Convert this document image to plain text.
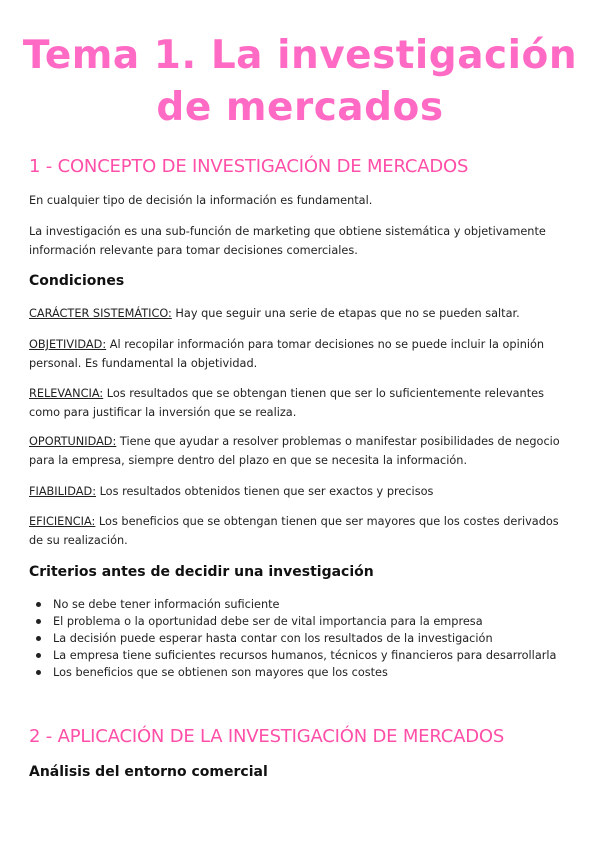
Tema 1. La investigación
de mercados
1 - CONCEPTO DE INVESTIGACIÓN DE MERCADOS

En cualquier tipo de decisión la información es fundamental.

La investigación es una sub-función de marketing que obtiene sistemática y objetivamente información relevante para tomar decisiones comerciales.

Condiciones

CARÁCTER SISTEMÁTICO: Hay que seguir una serie de etapas que no se pueden saltar.

OBJETIVIDAD: Al recopilar información para tomar decisiones no se puede incluir la opinión personal. Es fundamental la objetividad.

RELEVANCIA: Los resultados que se obtengan tienen que ser lo suficientemente relevantes como para justificar la inversión que se realiza.

OPORTUNIDAD: Tiene que ayudar a resolver problemas o manifestar posibilidades de negocio para la empresa, siempre dentro del plazo en que se necesita la información.

FIABILIDAD: Los resultados obtenidos tienen que ser exactos y precisos

EFICIENCIA: Los beneficios que se obtengan tienen que ser mayores que los costes derivados de su realización.

Criterios antes de decidir una investigación
No se debe tener información suficiente
El problema o la oportunidad debe ser de vital importancia para la empresa
La decisión puede esperar hasta contar con los resultados de la investigación
La empresa tiene suficientes recursos humanos, técnicos y financieros para desarrollarla
Los beneficios que se obtienen son mayores que los costes
2 - APLICACIÓN DE LA INVESTIGACIÓN DE MERCADOS
Análisis del entorno comercial
